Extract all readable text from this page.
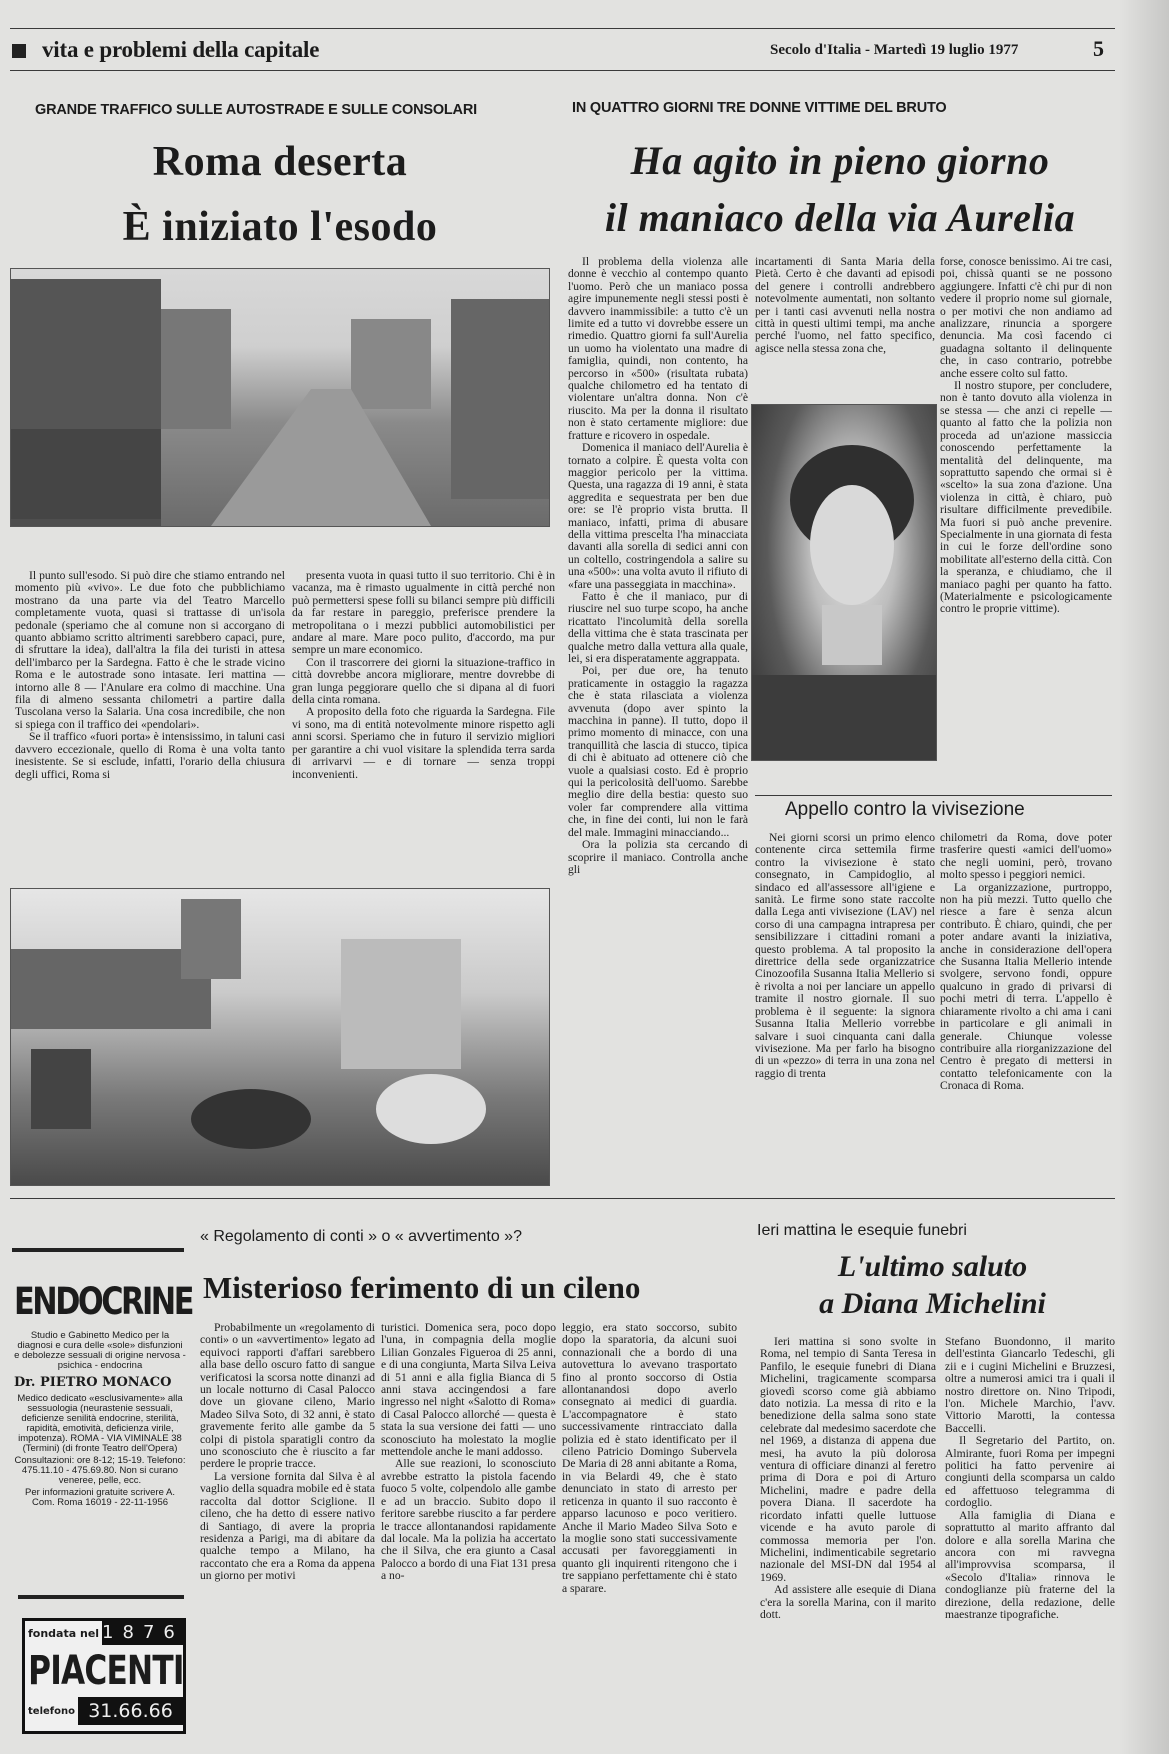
vita e problemi della capitale	Secolo d'Italia - Martedì 19 luglio 1977	5
GRANDE TRAFFICO SULLE AUTOSTRADE E SULLE CONSOLARI
Roma deserta
È iniziato l'esodo

Il punto sull'esodo. Si può dire che stiamo entrando nel momento più «vivo». Le due foto che pubblichiamo mostrano da una parte via del Teatro Marcello completamente vuota, quasi si trattasse di un'isola pedonale (speriamo che al comune non si accorgano di quanto abbiamo scritto altrimenti sarebbero capaci, pure, di sfruttare la idea), dall'altra la fila dei turisti in attesa dell'imbarco per la Sardegna. Fatto è che le strade vicino Roma e le autostrade sono intasate. Ieri mattina — intorno alle 8 — l'Anulare era colmo di macchine. Una fila di almeno sessanta chilometri a partire dalla Tuscolana verso la Salaria. Una cosa incredibile, che non si spiega con il traffico dei «pendolari».

Se il traffico «fuori porta» è intensissimo, in taluni casi davvero eccezionale, quello di Roma è una volta tanto inesistente. Se si esclude, infatti, l'orario della chiusura degli uffici, Roma si

presenta vuota in quasi tutto il suo territorio. Chi è in vacanza, ma è rimasto ugualmente in città perché non può permettersi spese folli su bilanci sempre più difficili da far restare in pareggio, preferisce prendere la metropolitana o i mezzi pubblici automobilistici per andare al mare. Mare poco pulito, d'accordo, ma pur sempre un mare economico.

Con il trascorrere dei giorni la situazione-traffico in città dovrebbe ancora migliorare, mentre dovrebbe di gran lunga peggiorare quello che si dipana al di fuori della cinta romana.

A proposito della foto che riguarda la Sardegna. File vi sono, ma di entità notevolmente minore rispetto agli anni scorsi. Speriamo che in futuro il servizio migliori per garantire a chi vuol visitare la splendida terra sarda di arrivarvi — e di tornare — senza troppi inconvenienti.

IN QUATTRO GIORNI TRE DONNE VITTIME DEL BRUTO
Ha agito in pieno giorno
il maniaco della via Aurelia

Il problema della violenza alle donne è vecchio al contempo quanto l'uomo. Però che un maniaco possa agire impunemente negli stessi posti è davvero inammissibile: a tutto c'è un limite ed a tutto vi dovrebbe essere un rimedio. Quattro giorni fa sull'Aurelia un uomo ha violentato una madre di famiglia, quindi, non contento, ha percorso in «500» (risultata rubata) qualche chilometro ed ha tentato di violentare un'altra donna. Non c'è riuscito. Ma per la donna il risultato non è stato certamente migliore: due fratture e ricovero in ospedale.

Domenica il maniaco dell'Aurelia è tornato a colpire. È questa volta con maggior pericolo per la vittima. Questa, una ragazza di 19 anni, è stata aggredita e sequestrata per ben due ore: se l'è proprio vista brutta. Il maniaco, infatti, prima di abusare della vittima prescelta l'ha minacciata davanti alla sorella di sedici anni con un coltello, costringendola a salire su una «500»: una volta avuto il rifiuto di «fare una passeggiata in macchina».

Fatto è che il maniaco, pur di riuscire nel suo turpe scopo, ha anche ricattato l'incolumità della sorella della vittima che è stata trascinata per qualche metro dalla vettura alla quale, lei, si era disperatamente aggrappata.

Poi, per due ore, ha tenuto praticamente in ostaggio la ragazza che è stata rilasciata a violenza avvenuta (dopo aver spinto la macchina in panne). Il tutto, dopo il primo momento di minacce, con una tranquillità che lascia di stucco, tipica di chi è abituato ad ottenere ciò che vuole a qualsiasi costo. Ed è proprio qui la pericolosità dell'uomo. Sarebbe meglio dire della bestia: questo suo voler far comprendere alla vittima che, in fine dei conti, lui non le farà del male. Immagini minacciando...

Ora la polizia sta cercando di scoprire il maniaco. Controlla anche gli

incartamenti di Santa Maria della Pietà. Certo è che davanti ad episodi del genere i controlli andrebbero notevolmente aumentati, non soltanto per i tanti casi avvenuti nella nostra città in questi ultimi tempi, ma anche perché l'uomo, nel fatto specifico, agisce nella stessa zona che,

forse, conosce benissimo. Ai tre casi, poi, chissà quanti se ne possono aggiungere. Infatti c'è chi pur di non vedere il proprio nome sul giornale, o per motivi che non andiamo ad analizzare, rinuncia a sporgere denuncia. Ma così facendo ci guadagna soltanto il delinquente che, in caso contrario, potrebbe anche essere colto sul fatto.

Il nostro stupore, per concludere, non è tanto dovuto alla violenza in se stessa — che anzi ci repelle — quanto al fatto che la polizia non proceda ad un'azione massiccia conoscendo perfettamente la mentalità del delinquente, ma soprattutto sapendo che ormai si è «scelto» la sua zona d'azione. Una violenza in città, è chiaro, può risultare difficilmente prevedibile. Ma fuori si può anche prevenire. Specialmente in una giornata di festa in cui le forze dell'ordine sono mobilitate all'esterno della città. Con la speranza, e chiudiamo, che il maniaco paghi per quanto ha fatto. (Materialmente e psicologicamente contro le proprie vittime).

Appello contro la vivisezione

Nei giorni scorsi un primo elenco contenente circa settemila firme contro la vivisezione è stato consegnato, in Campidoglio, al sindaco ed all'assessore all'igiene e sanità. Le firme sono state raccolte dalla Lega anti vivisezione (LAV) nel corso di una campagna intrapresa per sensibilizzare i cittadini romani a questo problema. A tal proposito la direttrice della sede organizzatrice Cinozoofila Susanna Italia Mellerio si è rivolta a noi per lanciare un appello tramite il nostro giornale. Il suo problema è il seguente: la signora Susanna Italia Mellerio vorrebbe salvare i suoi cinquanta cani dalla vivisezione. Ma per farlo ha bisogno di un «pezzo» di terra in una zona nel raggio di trenta

chilometri da Roma, dove poter trasferire questi «amici dell'uomo» che negli uomini, però, trovano molto spesso i peggiori nemici.

La organizzazione, purtroppo, non ha più mezzi. Tutto quello che riesce a fare è senza alcun contributo. È chiaro, quindi, che per poter andare avanti la iniziativa, anche in considerazione dell'opera che Susanna Italia Mellerio intende svolgere, servono fondi, oppure qualcuno in grado di privarsi di pochi metri di terra. L'appello è chiaramente rivolto a chi ama i cani in particolare e gli animali in generale. Chiunque volesse contribuire alla riorganizzazione del Centro è pregato di mettersi in contatto telefonicamente con la Cronaca di Roma.

ENDOCRINE
Studio e Gabinetto Medico per la diagnosi e cura delle «sole» disfunzioni e debolezze sessuali di origine nervosa - psichica - endocrina
Dr. PIETRO MONACO
Medico dedicato «esclusivamente» alla sessuologia (neurastenie sessuali, deficienze senilità endocrine, sterilità, rapidità, emotività, deficienza virile, impotenza). ROMA - VIA VIMINALE 38 (Termini) (di fronte Teatro dell'Opera)
Consultazioni: ore 8-12; 15-19. Telefono: 475.11.10 - 475.69.80. Non si curano veneree, pelle, ecc.
Per informazioni gratuite scrivere A. Com. Roma 16019 - 22-11-1956
fondata nel 1876
PIACENTI
telefono 31.66.66
« Regolamento di conti » o « avvertimento »?
Misterioso ferimento di un cileno

Probabilmente un «regolamento di conti» o un «avvertimento» legato ad equivoci rapporti d'affari sarebbero alla base dello oscuro fatto di sangue verificatosi la scorsa notte dinanzi ad un locale notturno di Casal Palocco dove un giovane cileno, Mario Madeo Silva Soto, di 32 anni, è stato gravemente ferito alle gambe da 5 colpi di pistola sparatigli contro da uno sconosciuto che è riuscito a far perdere le proprie tracce.

La versione fornita dal Silva è al vaglio della squadra mobile ed è stata raccolta dal dottor Sciglione. Il cileno, che ha detto di essere nativo di Santiago, di avere la propria residenza a Parigi, ma di abitare da qualche tempo a Milano, ha raccontato che era a Roma da appena un giorno per motivi

turistici. Domenica sera, poco dopo l'una, in compagnia della moglie Lilian Gonzales Figueroa di 25 anni, e di una congiunta, Marta Silva Leiva di 51 anni e alla figlia Bianca di 5 anni stava accingendosi a fare ingresso nel night «Salotto di Roma» di Casal Palocco allorché — questa è stata la sua versione dei fatti — uno sconosciuto ha molestato la moglie mettendole anche le mani addosso.

Alle sue reazioni, lo sconosciuto avrebbe estratto la pistola facendo fuoco 5 volte, colpendolo alle gambe e ad un braccio. Subito dopo il feritore sarebbe riuscito a far perdere le tracce allontanandosi rapidamente dal locale. Ma la polizia ha accertato che il Silva, che era giunto a Casal Palocco a bordo di una Fiat 131 presa a no-

leggio, era stato soccorso, subito dopo la sparatoria, da alcuni suoi connazionali che a bordo di una autovettura lo avevano trasportato fino al pronto soccorso di Ostia allontanandosi dopo averlo consegnato ai medici di guardia. L'accompagnatore è stato successivamente rintracciato dalla polizia ed è stato identificato per il cileno Patricio Domingo Subervela De Maria di 28 anni abitante a Roma, in via Belardi 49, che è stato denunciato in stato di arresto per reticenza in quanto il suo racconto è apparso lacunoso e poco veritiero. Anche il Mario Madeo Silva Soto e la moglie sono stati successivamente accusati per favoreggiamenti in quanto gli inquirenti ritengono che i tre sappiano perfettamente chi è stato a sparare.

Ieri mattina le esequie funebri
L'ultimo saluto
a Diana Michelini

Ieri mattina si sono svolte in Roma, nel tempio di Santa Teresa in Panfilo, le esequie funebri di Diana Michelini, tragicamente scomparsa giovedì scorso come già abbiamo dato notizia. La messa di rito e la benedizione della salma sono state celebrate dal medesimo sacerdote che nel 1969, a distanza di appena due mesi, ha avuto la più dolorosa ventura di officiare dinanzi al feretro prima di Dora e poi di Arturo Michelini, madre e padre della povera Diana. Il sacerdote ha ricordato infatti quelle luttuose vicende e ha avuto parole di commossa memoria per l'on. Michelini, indimenticabile segretario nazionale del MSI-DN dal 1954 al 1969.

Ad assistere alle esequie di Diana c'era la sorella Marina, con il marito dott.

Stefano Buondonno, il marito dell'estinta Giancarlo Tedeschi, gli zii e i cugini Michelini e Bruzzesi, oltre a numerosi amici tra i quali il nostro direttore on. Nino Tripodi, l'on. Michele Marchio, l'avv. Vittorio Marotti, la contessa Baccelli.

Il Segretario del Partito, on. Almirante, fuori Roma per impegni politici ha fatto pervenire ai congiunti della scomparsa un caldo ed affettuoso telegramma di cordoglio.

Alla famiglia di Diana e soprattutto al marito affranto dal dolore e alla sorella Marina che ancora con mi ravvegna all'improvvisa scomparsa, il «Secolo d'Italia» rinnova le condoglianze più fraterne del la direzione, della redazione, delle maestranze tipografiche.
